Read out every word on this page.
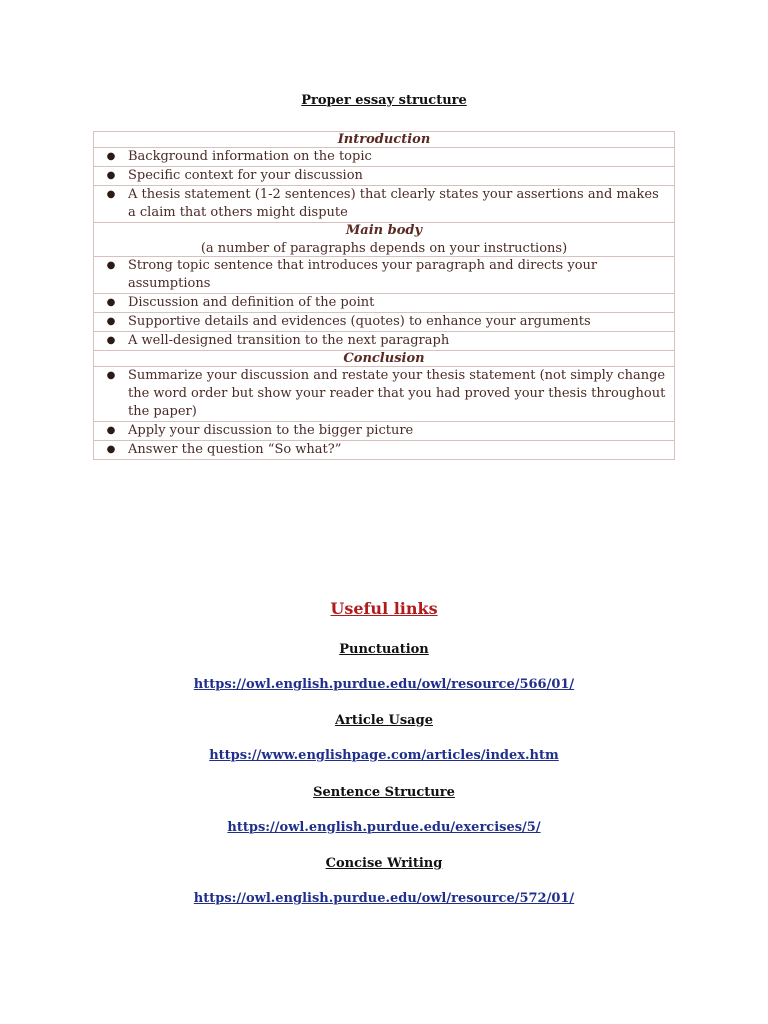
Proper essay structure
Introduction

● Background information on the topic
● Specific context for your discussion
● A thesis statement (1-2 sentences) that clearly states your assertions and makes a claim that others might dispute

Main body
(a number of paragraphs depends on your instructions)

● Strong topic sentence that introduces your paragraph and directs your assumptions
● Discussion and definition of the point
● Supportive details and evidences (quotes) to enhance your arguments
● A well-designed transition to the next paragraph

Conclusion

● Summarize your discussion and restate your thesis statement (not simply change the word order but show your reader that you had proved your thesis throughout the paper)
● Apply your discussion to the bigger picture
● Answer the question “So what?”
Useful links
Punctuation
https://owl.english.purdue.edu/owl/resource/566/01/
Article Usage
https://www.englishpage.com/articles/index.htm
Sentence Structure
https://owl.english.purdue.edu/exercises/5/
Concise Writing
https://owl.english.purdue.edu/owl/resource/572/01/
